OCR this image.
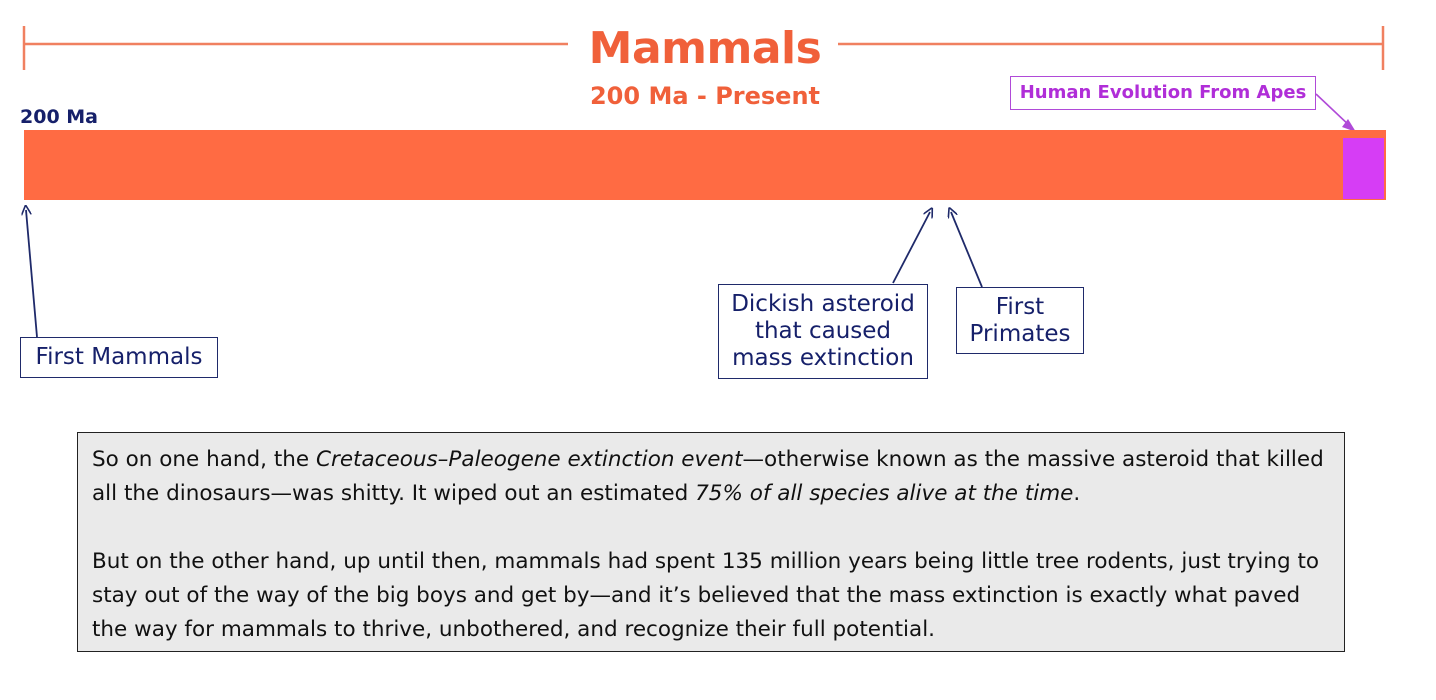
Mammals
200 Ma - Present
200 Ma
Human Evolution From Apes
First Mammals
Dickish asteroid
that caused
mass extinction
First
Primates

So on one hand, the Cretaceous–Paleogene extinction event—otherwise known as the massive asteroid that killed all the dinosaurs—was shitty. It wiped out an estimated 75% of all species alive at the time.

But on the other hand, up until then, mammals had spent 135 million years being little tree rodents, just trying to stay out of the way of the big boys and get by—and it’s believed that the mass extinction is exactly what paved the way for mammals to thrive, unbothered, and recognize their full potential.
